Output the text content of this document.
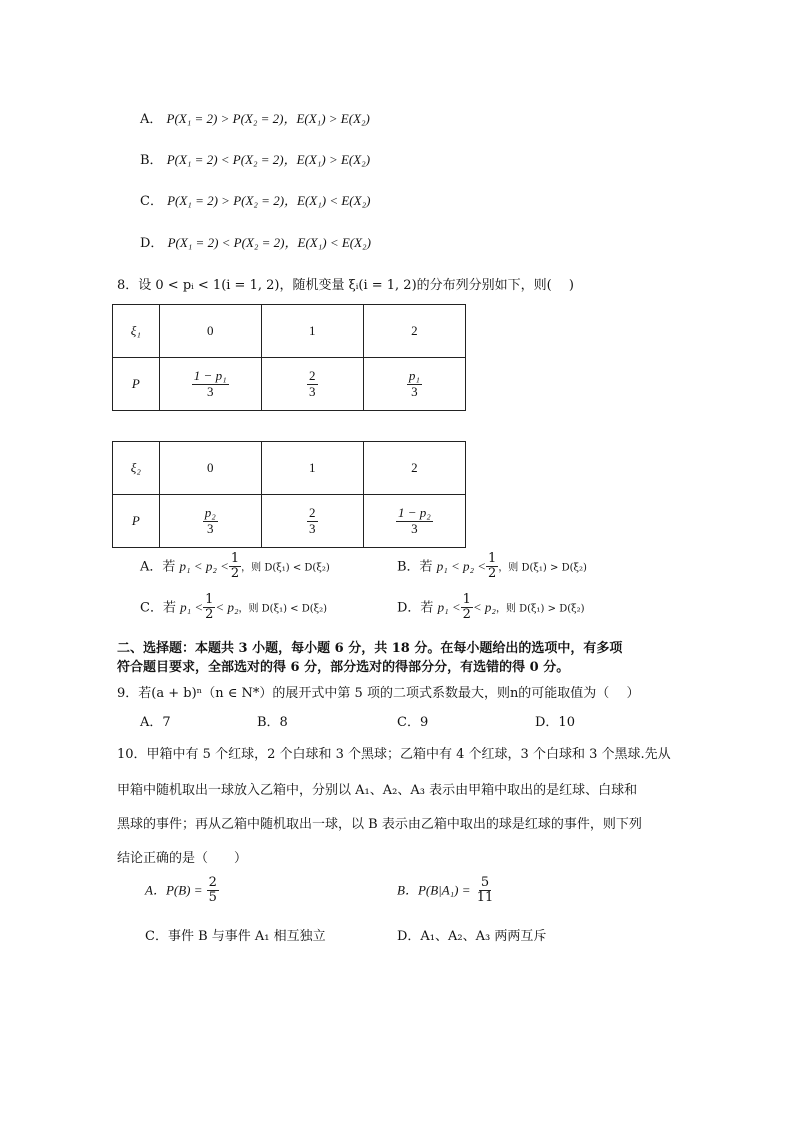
A． P(X₁ = 2) > P(X₂ = 2)，E(X₁) > E(X₂)
B． P(X₁ = 2) < P(X₂ = 2)，E(X₁) > E(X₂)
C． P(X₁ = 2) > P(X₂ = 2)，E(X₁) < E(X₂)
D． P(X₁ = 2) < P(X₂ = 2)，E(X₁) < E(X₂)
8．设 0 < pᵢ < 1(i = 1, 2)，随机变量 ξᵢ(i = 1, 2)的分布列分别如下，则(　 )
ξ₁	0	1	2
P	$\frac{\text{1 − p₁}}{3}$	$\frac{2}{3}$	$\frac{\text{p₁}}{3}$
ξ₂	0	1	2
P	$\frac{\text{p₂}}{3}$	$\frac{2}{3}$	$\frac{\text{1 − p₂}}{3}$
A．若 $p_1 < p_2 < \frac{1}{2}$ ，则 D(ξ₁) < D(ξ₂)	B．若 $p_1 < p_2 < \frac{1}{2}$ ，则 D(ξ₁) > D(ξ₂)
C．若 $p_1 < \frac{1}{2} < p_2$，则 D(ξ₁) < D(ξ₂)	D．若 $p_1 < \frac{1}{2} < p_2$，则 D(ξ₁) > D(ξ₂)
二、选择题：本题共 3 小题，每小题 6 分，共 18 分。在每小题给出的选项中，有多项
符合题目要求，全部选对的得 6 分，部分选对的得部分分，有选错的得 0 分。
9．若(a + b)ⁿ（n ∈ N*）的展开式中第 5 项的二项式系数最大，则n的可能取值为（　 ）
A．7	B．8	C．9	D．10
10．甲箱中有 5 个红球，2 个白球和 3 个黑球；乙箱中有 4 个红球，3 个白球和 3 个黑球.先从
甲箱中随机取出一球放入乙箱中，分别以 A₁、A₂、A₃ 表示由甲箱中取出的是红球、白球和
黑球的事件；再从乙箱中随机取出一球，以 B 表示由乙箱中取出的球是红球的事件，则下列
结论正确的是（　　）
A．$P(B) = \frac{2}{5}$	B．$P(B|A_1) = \frac{5}{11}$
C．事件 B 与事件 A₁ 相互独立	D．A₁、A₂、A₃ 两两互斥
